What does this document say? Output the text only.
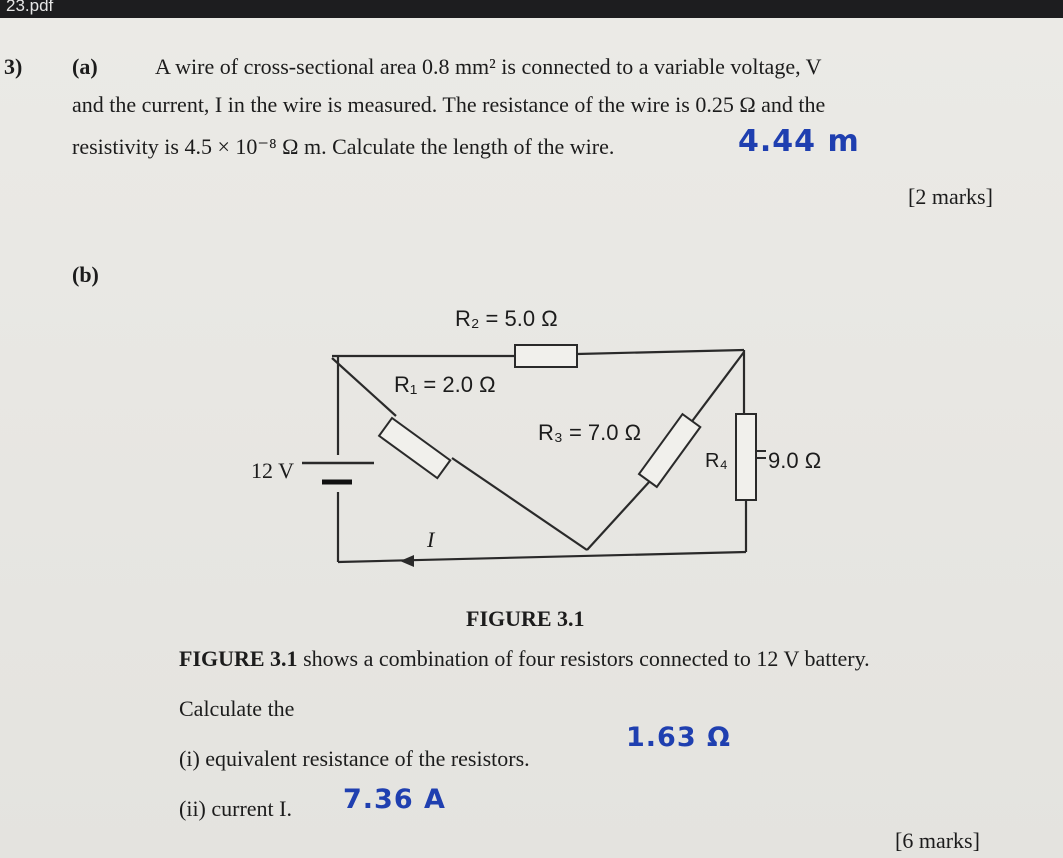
23.pdf
3) (a)	A wire of cross-sectional area 0.8 mm² is connected to a variable voltage, V
and the current, I in the wire is measured. The resistance of the wire is 0.25 Ω and the
resistivity is 4.5 × 10⁻⁸ Ω m. Calculate the length of the wire.	4.44 m
[2 marks]
(b)
R₂ = 5.0 Ω
R₁ = 2.0 Ω
R₃ = 7.0 Ω
R₄ 9.0 Ω
12 V
I
FIGURE 3.1
FIGURE 3.1 shows a combination of four resistors connected to 12 V battery.
Calculate the
(i) equivalent resistance of the resistors.
1.63 Ω
(ii) current I. 7.36 A
[6 marks]
